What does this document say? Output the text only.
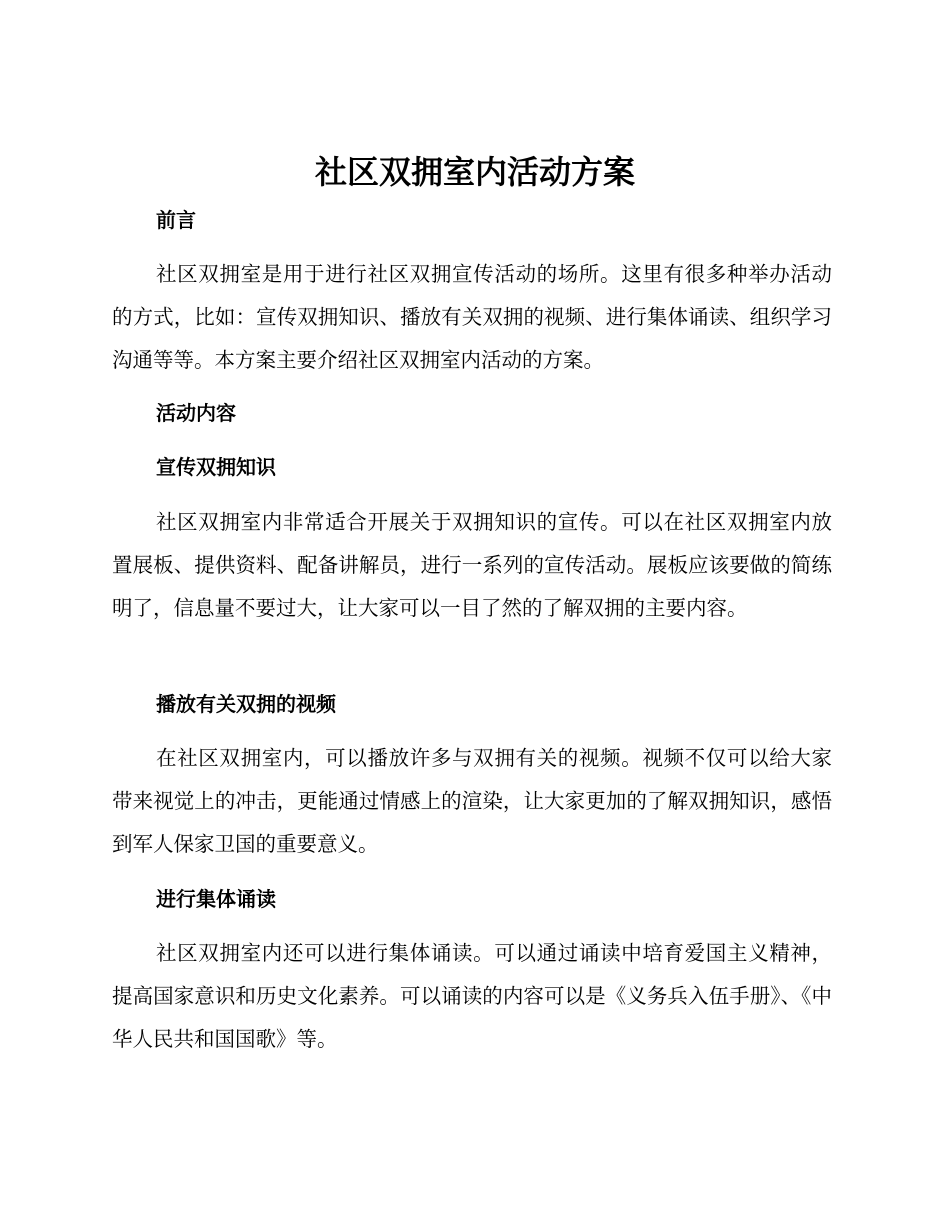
社区双拥室内活动方案
前言

社区双拥室是用于进行社区双拥宣传活动的场所。这里有很多种举办活动的方式，比如：宣传双拥知识、播放有关双拥的视频、进行集体诵读、组织学习沟通等等。本方案主要介绍社区双拥室内活动的方案。

活动内容
宣传双拥知识

社区双拥室内非常适合开展关于双拥知识的宣传。可以在社区双拥室内放置展板、提供资料、配备讲解员，进行一系列的宣传活动。展板应该要做的简练明了，信息量不要过大，让大家可以一目了然的了解双拥的主要内容。

播放有关双拥的视频

在社区双拥室内，可以播放许多与双拥有关的视频。视频不仅可以给大家带来视觉上的冲击，更能通过情感上的渲染，让大家更加的了解双拥知识，感悟到军人保家卫国的重要意义。

进行集体诵读

社区双拥室内还可以进行集体诵读。可以通过诵读中培育爱国主义精神，提高国家意识和历史文化素养。可以诵读的内容可以是《义务兵入伍手册》、《中华人民共和国国歌》等。
